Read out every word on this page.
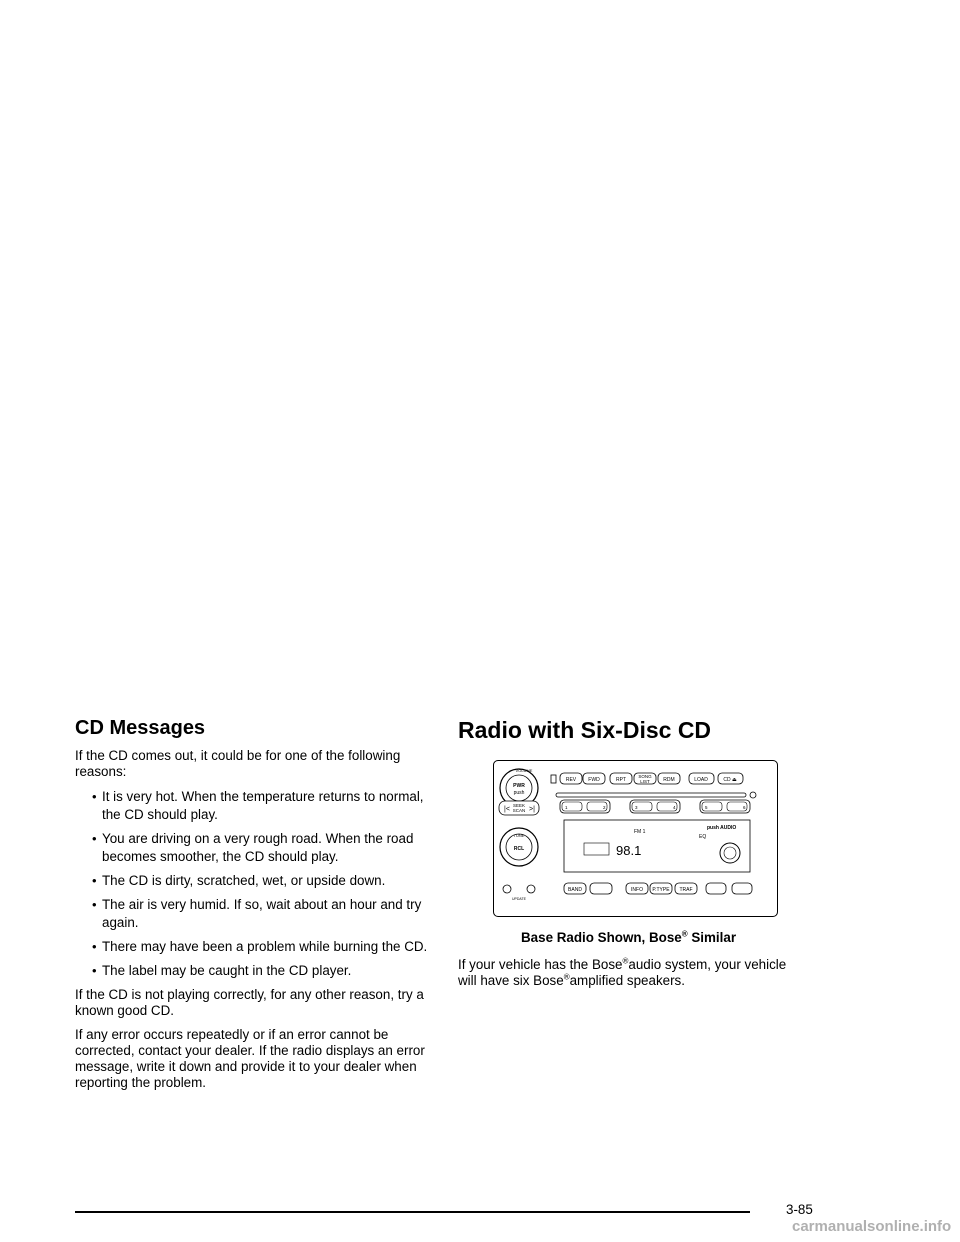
CD Messages

If the CD comes out, it could be for one of the following reasons:

• It is very hot. When the temperature returns to normal, the CD should play.
• You are driving on a very rough road. When the road becomes smoother, the CD should play.
• The CD is dirty, scratched, wet, or upside down.
• The air is very humid. If so, wait about an hour and try again.
• There may have been a problem while burning the CD.
• The label may be caught in the CD player.

If the CD is not playing correctly, for any other reason, try a known good CD.

If any error occurs repeatedly or if an error cannot be corrected, contact your dealer. If the radio displays an error message, write it down and provide it to your dealer when reporting the problem.

Radio with Six-Disc CD
PWR
push
VOLUME
REV FWD	RPT
SONG
LIST	RDM	LOAD	CD ⏏
|<
SEEK
SCAN >|	1	2	3	4	5	6
FM 1
EQ
push AUDIO
98.1
RCL
TUNE
UPDATE
BAND	INFO P.TYPE TRAF
Base Radio Shown, Bose® Similar
If your vehicle has the Bose®audio system, your vehicle will have six Bose®amplified speakers.
3-85
carmanualsonline.info
